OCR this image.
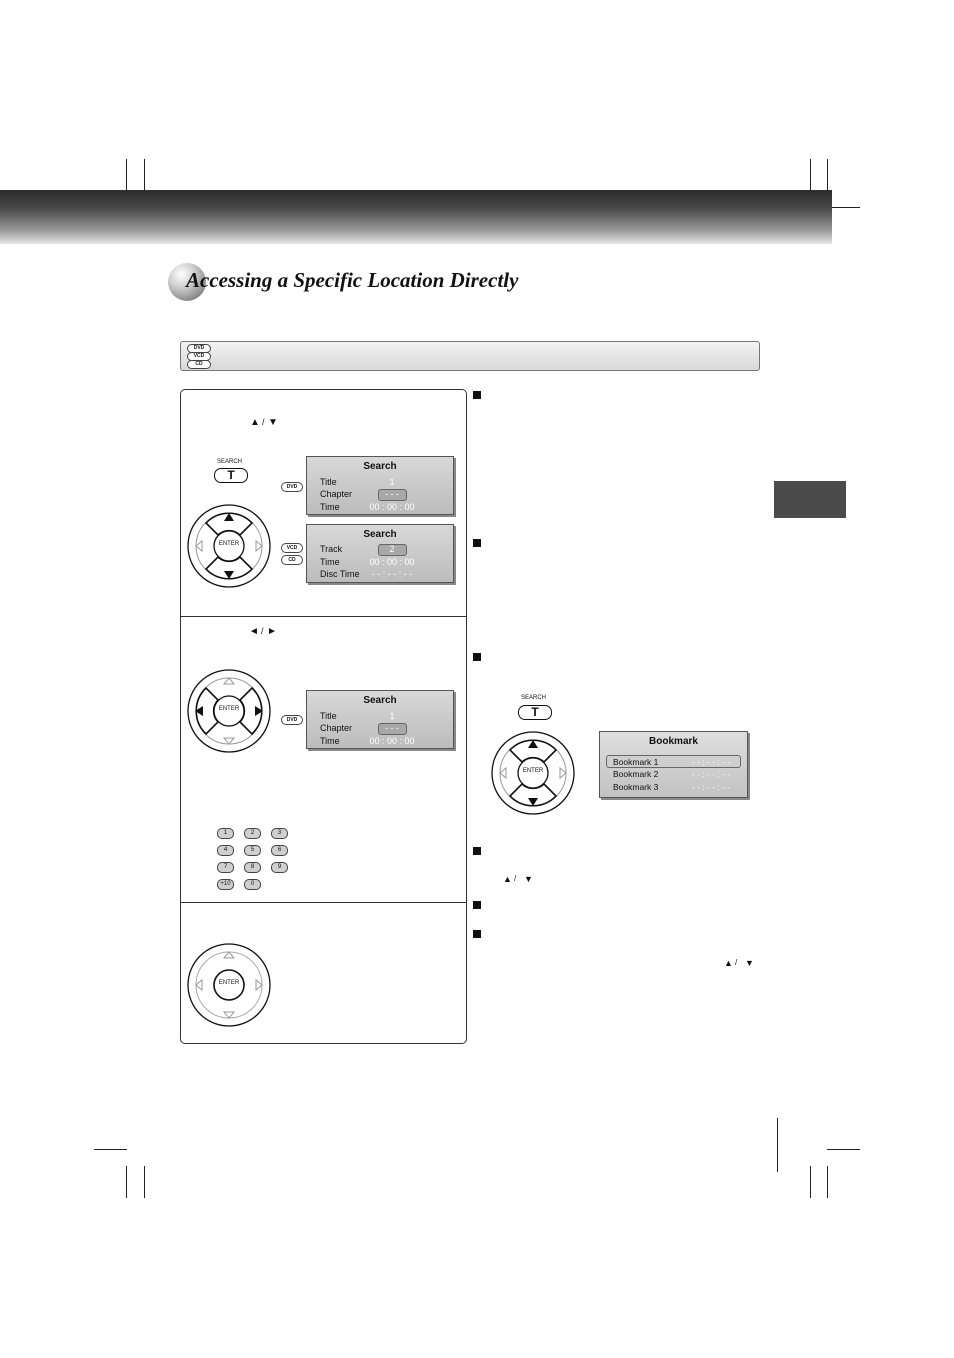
Accessing a Specific Location Directly
DVD
VCD
CD
▲ / ▼
SEARCH
T
ENTER
DVD
Search
Title	1
Chapter	- - -
Time	00 : 00 : 00
VCD
CD
Search
Track	2
Time	00 : 00 : 00
Disc Time	- - : - - : - -
◄ / ►
ENTER
DVD
Search
Title	1
Chapter	- - -
Time	00 : 00 : 00
1	2	3
4	5	6
7	8	9
+10	0
ENTER
SEARCH
T
ENTER
Bookmark
Bookmark 1	- - : - - : - -
Bookmark 2	- - : - - : - -
Bookmark 3	- - : - - : - -
▲ / ▼
▲ / ▼
